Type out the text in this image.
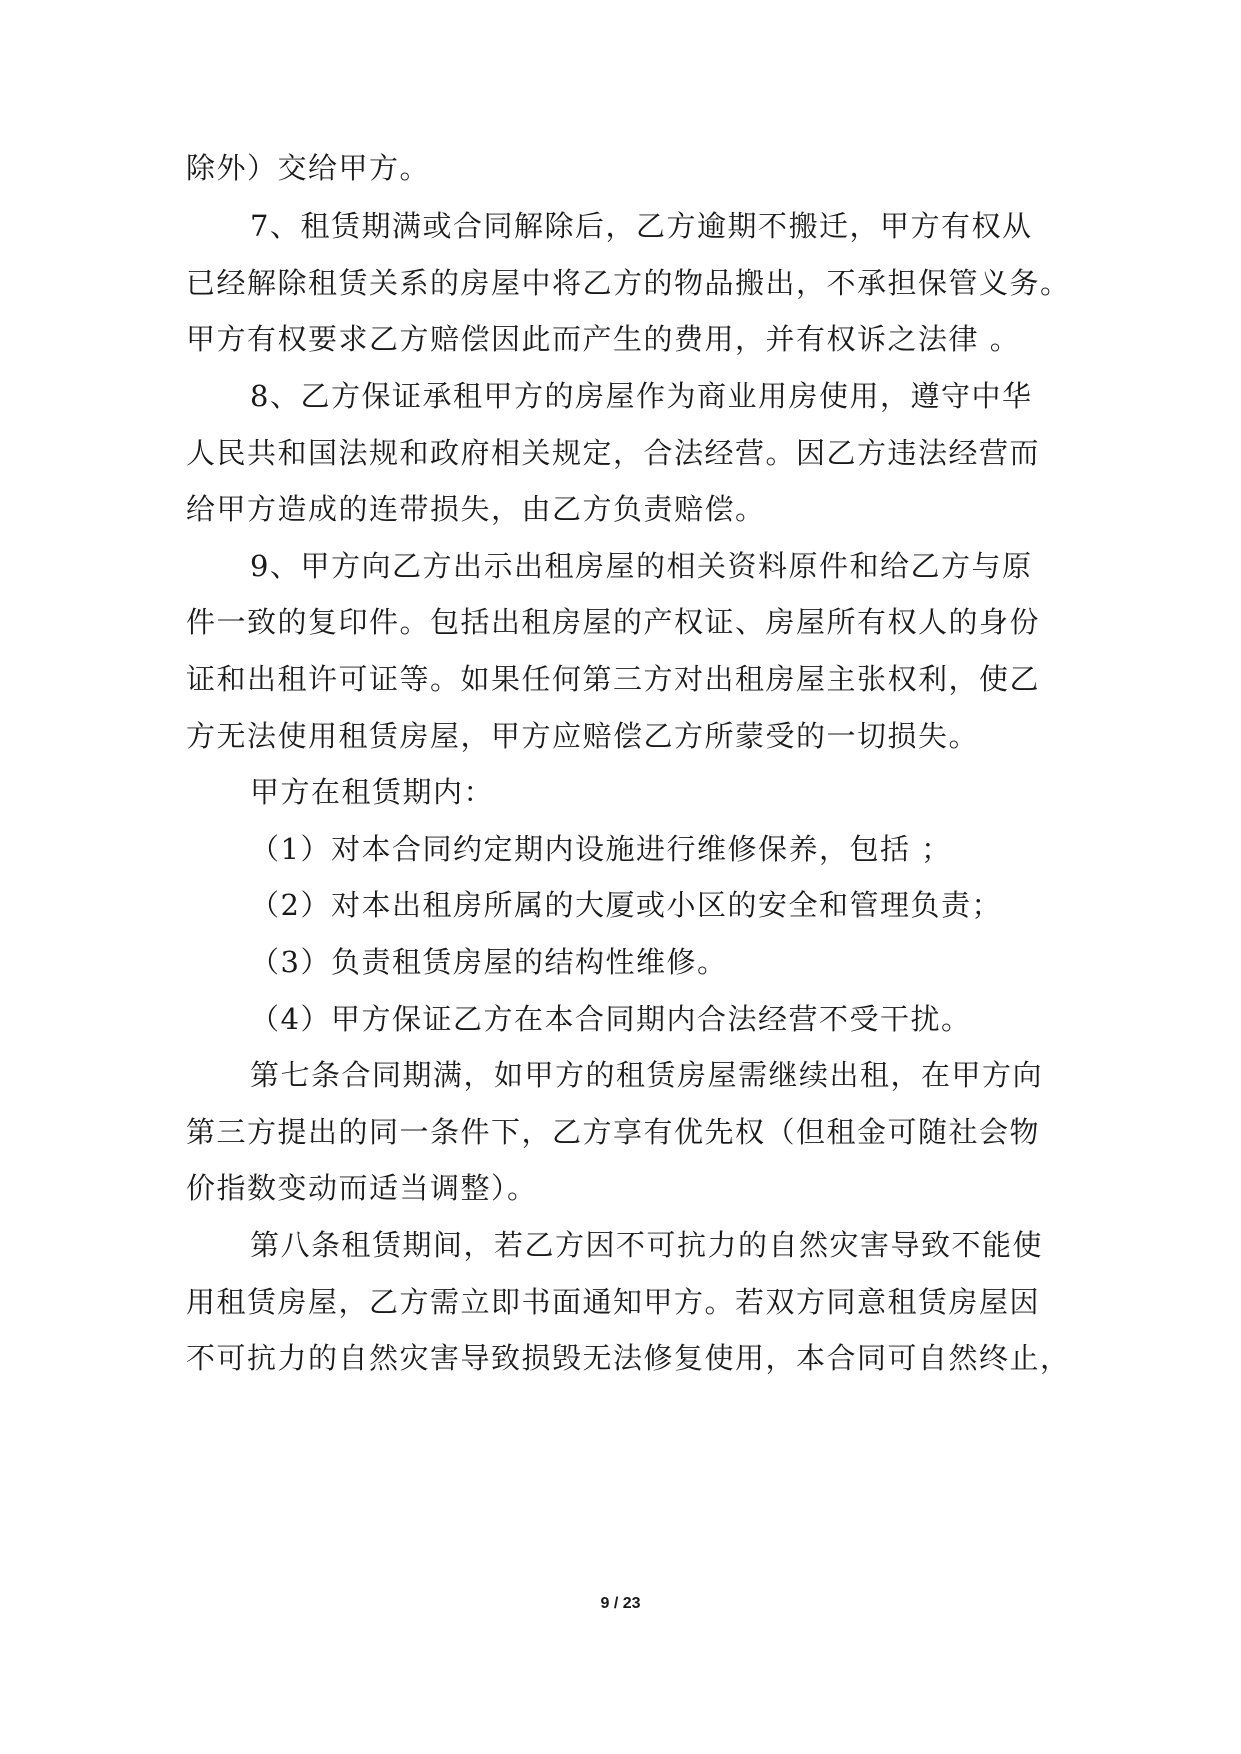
除外）交给甲方。
7、租赁期满或合同解除后，乙方逾期不搬迁，甲方有权从
已经解除租赁关系的房屋中将乙方的物品搬出，不承担保管义务。
甲方有权要求乙方赔偿因此而产生的费用，并有权诉之法律 。
8、乙方保证承租甲方的房屋作为商业用房使用，遵守中华
人民共和国法规和政府相关规定，合法经营。因乙方违法经营而
给甲方造成的连带损失，由乙方负责赔偿。
9、甲方向乙方出示出租房屋的相关资料原件和给乙方与原
件一致的复印件。包括出租房屋的产权证、房屋所有权人的身份
证和出租许可证等。如果任何第三方对出租房屋主张权利，使乙
方无法使用租赁房屋，甲方应赔偿乙方所蒙受的一切损失。
甲方在租赁期内：
（1）对本合同约定期内设施进行维修保养，包括 ；
（2）对本出租房所属的大厦或小区的安全和管理负责；
（3）负责租赁房屋的结构性维修。
（4）甲方保证乙方在本合同期内合法经营不受干扰。
第七条合同期满，如甲方的租赁房屋需继续出租，在甲方向
第三方提出的同一条件下，乙方享有优先权（但租金可随社会物
价指数变动而适当调整）。
第八条租赁期间，若乙方因不可抗力的自然灾害导致不能使
用租赁房屋，乙方需立即书面通知甲方。若双方同意租赁房屋因
不可抗力的自然灾害导致损毁无法修复使用，本合同可自然终止，
9 / 23
